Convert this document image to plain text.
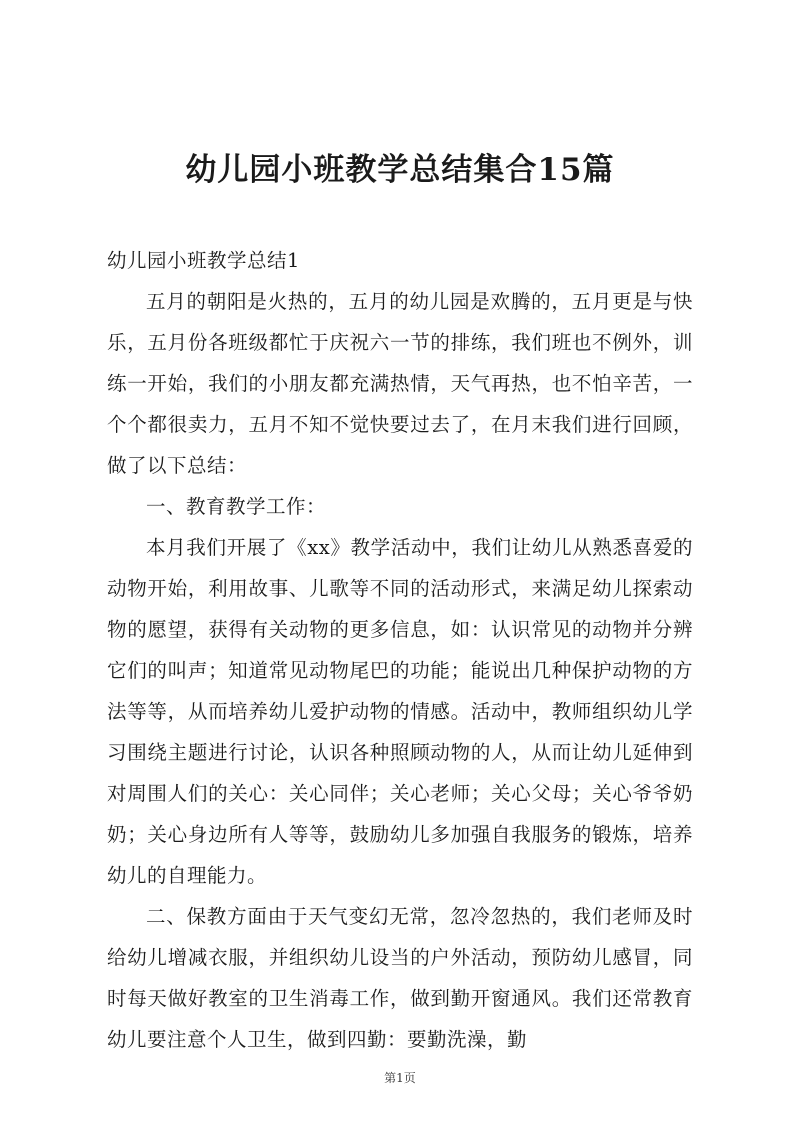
幼儿园小班教学总结集合15篇

幼儿园小班教学总结1

五月的朝阳是火热的，五月的幼儿园是欢腾的，五月更是与快乐，五月份各班级都忙于庆祝六一节的排练，我们班也不例外，训练一开始，我们的小朋友都充满热情，天气再热，也不怕辛苦，一个个都很卖力，五月不知不觉快要过去了，在月末我们进行回顾，做了以下总结：

一、教育教学工作：

本月我们开展了《xx》教学活动中，我们让幼儿从熟悉喜爱的动物开始，利用故事、儿歌等不同的活动形式，来满足幼儿探索动物的愿望，获得有关动物的更多信息，如：认识常见的动物并分辨它们的叫声；知道常见动物尾巴的功能；能说出几种保护动物的方法等等，从而培养幼儿爱护动物的情感。活动中，教师组织幼儿学习围绕主题进行讨论，认识各种照顾动物的人，从而让幼儿延伸到对周围人们的关心：关心同伴；关心老师；关心父母；关心爷爷奶奶；关心身边所有人等等，鼓励幼儿多加强自我服务的锻炼，培养幼儿的自理能力。

二、保教方面由于天气变幻无常，忽冷忽热的，我们老师及时给幼儿增减衣服，并组织幼儿设当的户外活动，预防幼儿感冒，同时每天做好教室的卫生消毒工作，做到勤开窗通风。我们还常教育幼儿要注意个人卫生，做到四勤：要勤洗澡，勤

第1页
